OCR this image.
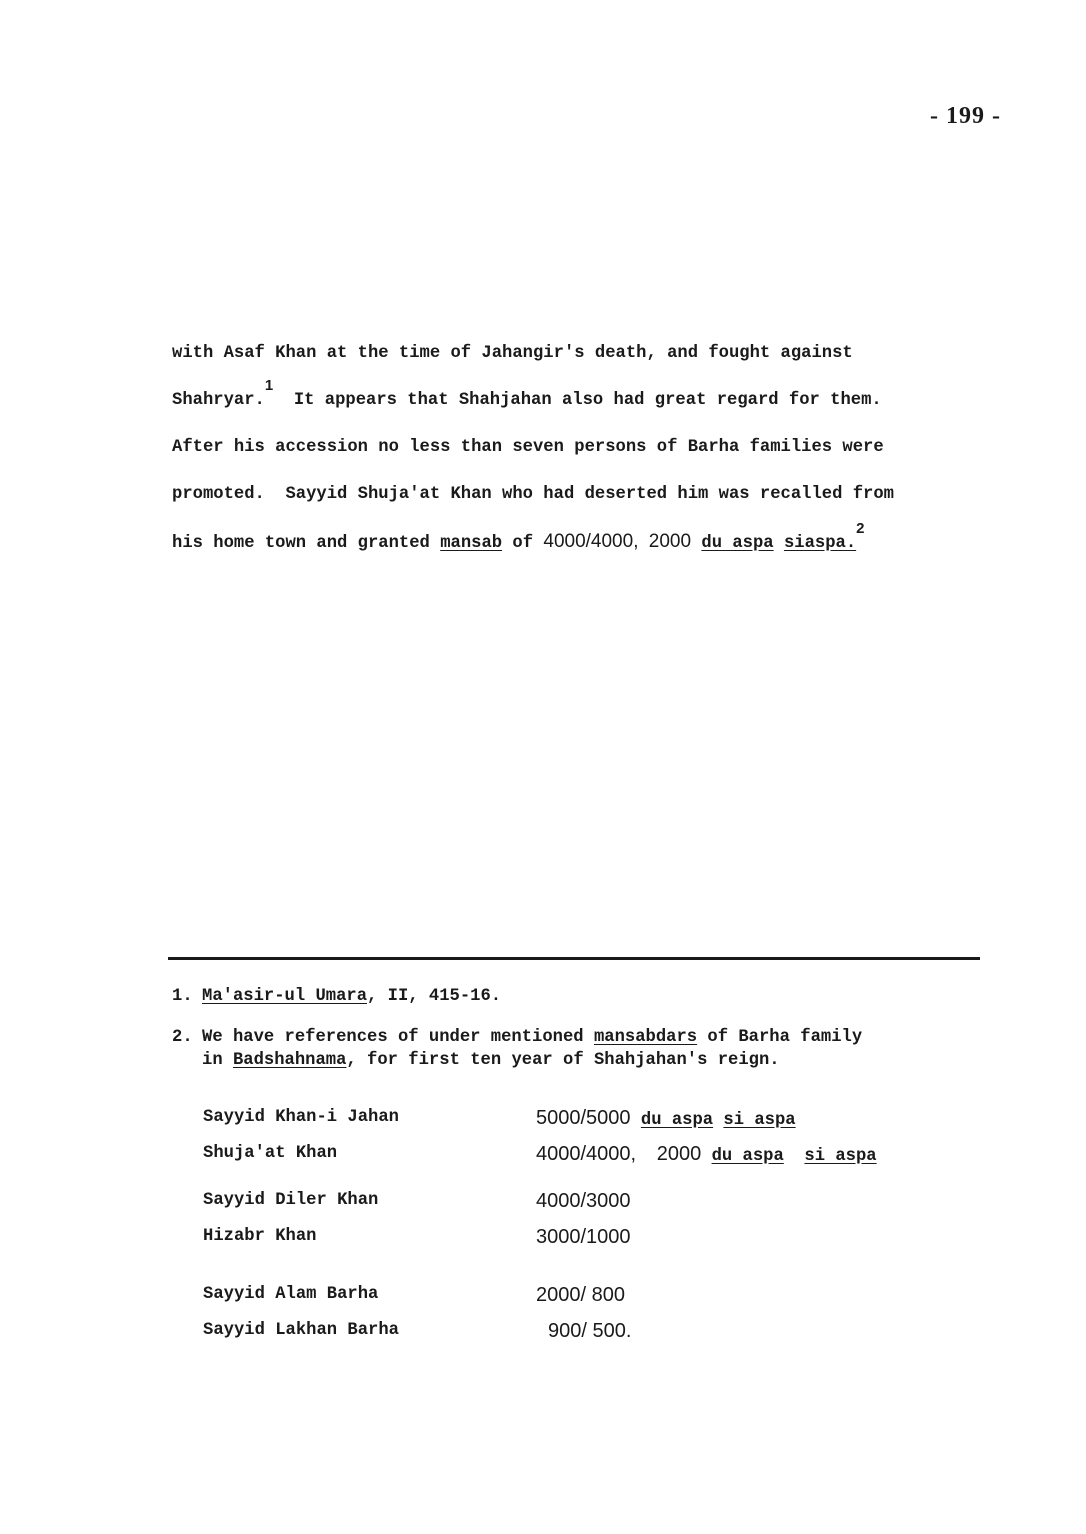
- 199 -
with Asaf Khan at the time of Jahangir's death, and fought against
Shahryar.$^1$  It appears that Shahjahan also had great regard for them.
After his accession no less than seven persons of Barha families were
promoted.  Sayyid Shuja'at Khan who had deserted him was recalled from
his home town and granted mansab of 4000/4000, 2000 du aspa siaspa.$^2$
1. Ma'asir-ul Umara, II, 415-16.
2. We have references of under mentioned mansabdars of Barha family
in Badshahnama, for first ten year of Shahjahan's reign.
Sayyid Khan-i Jahan	5000/5000 du aspa si aspa
Shuja'at Khan	4000/4000, 2000 du aspa si aspa
Sayyid Diler Khan	4000/3000
Hizabr Khan	3000/1000
Sayyid Alam Barha	2000/ 800
Sayyid Lakhan Barha	900/ 500.
